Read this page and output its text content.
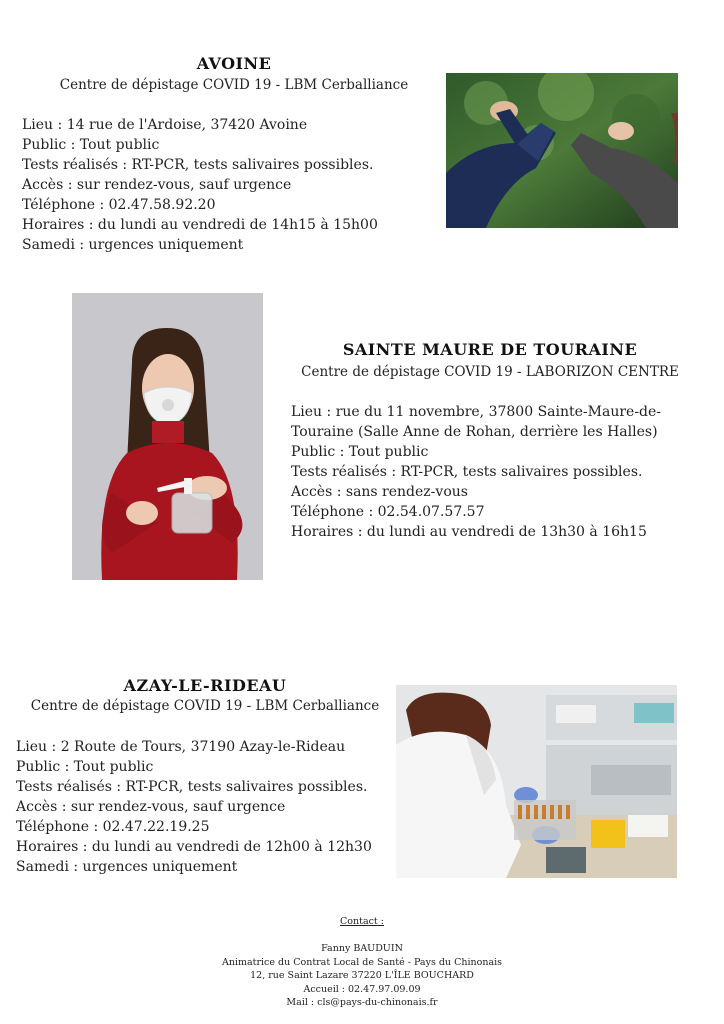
AVOINE
Centre de dépistage COVID 19 - LBM Cerballiance
Lieu : 14 rue de l'Ardoise, 37420 Avoine
Public : Tout public
Tests réalisés : RT-PCR, tests salivaires possibles.
Accès : sur rendez-vous, sauf urgence
Téléphone : 02.47.58.92.20
Horaires : du lundi au vendredi de 14h15 à 15h00
Samedi : urgences uniquement
SAINTE MAURE DE TOURAINE
Centre de dépistage COVID 19 - LABORIZON CENTRE
Lieu : rue du 11 novembre, 37800 Sainte-Maure-de-
Touraine (Salle Anne de Rohan, derrière les Halles)
Public : Tout public
Tests réalisés : RT-PCR, tests salivaires possibles.
Accès : sans rendez-vous
Téléphone : 02.54.07.57.57
Horaires : du lundi au vendredi de 13h30 à 16h15
AZAY-LE-RIDEAU
Centre de dépistage COVID 19 - LBM Cerballiance
Lieu : 2 Route de Tours, 37190 Azay-le-Rideau
Public : Tout public
Tests réalisés : RT-PCR, tests salivaires possibles.
Accès : sur rendez-vous, sauf urgence
Téléphone : 02.47.22.19.25
Horaires : du lundi au vendredi de 12h00 à 12h30
Samedi : urgences uniquement
Contact :
Fanny BAUDUIN
Animatrice du Contrat Local de Santé - Pays du Chinonais
12, rue Saint Lazare 37220 L'ÎLE BOUCHARD
Accueil : 02.47.97.09.09
Mail : cls@pays-du-chinonais.fr
